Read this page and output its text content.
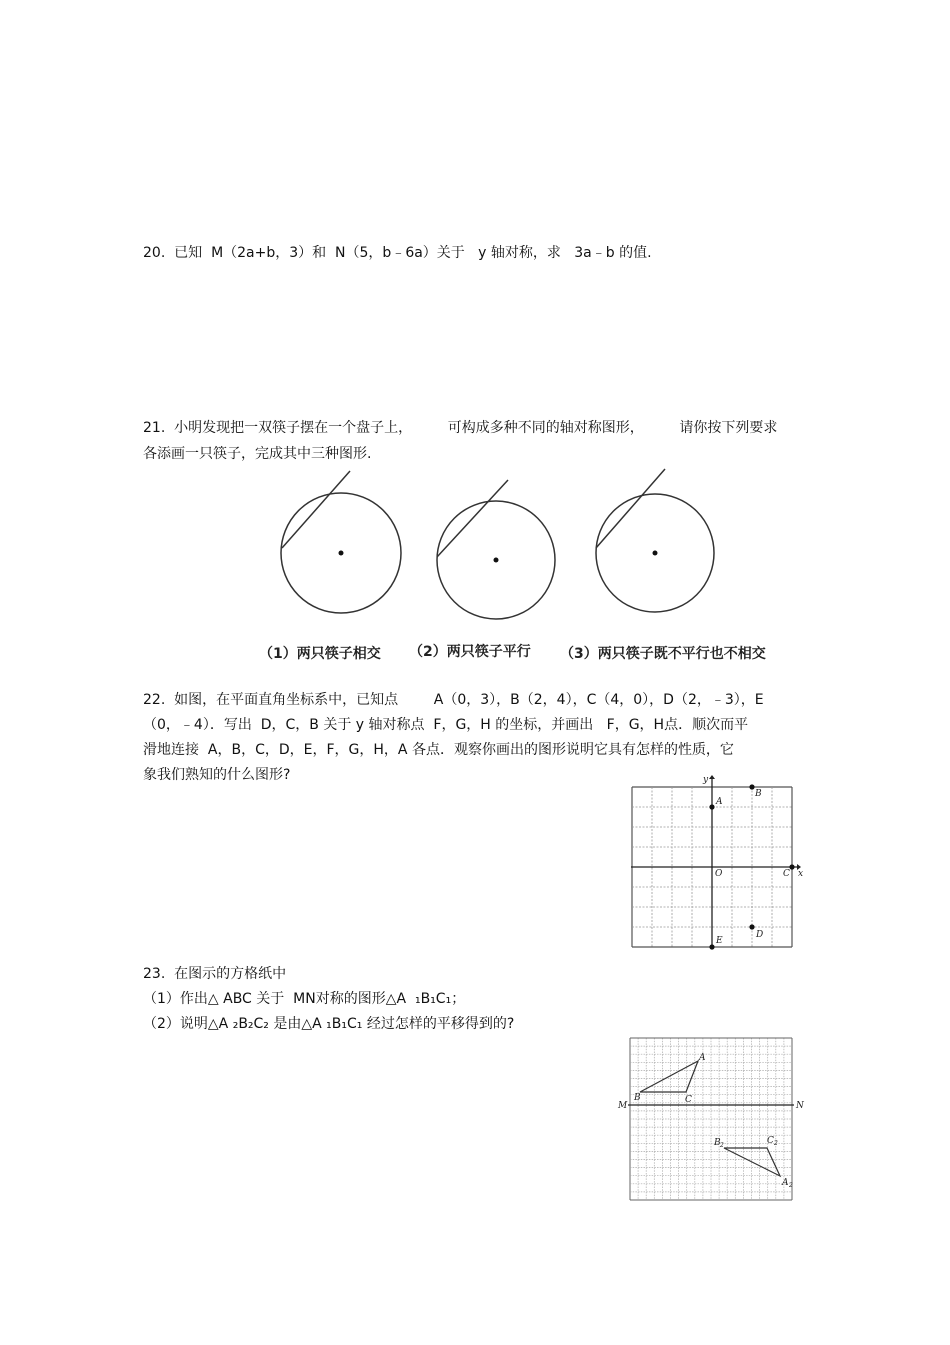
20.  已知  M（2a+b，3）和  N（5，b﹣6a）关于   y 轴对称，求   3a﹣b 的值.
21.  小明发现把一双筷子摆在一个盘子上，        可构成多种不同的轴对称图形，        请你按下列要求
各添画一只筷子，完成其中三种图形.
（1）两只筷子相交 （2）两只筷子平行 （3）两只筷子既不平行也不相交
22.  如图，在平面直角坐标系中，已知点        A（0，3），B（2，4），C（4，0），D（2，﹣3），E
（0，﹣4）．写出  D，C，B 关于 y 轴对称点  F，G，H 的坐标，并画出   F，G，H点．顺次而平
滑地连接  A，B，C，D，E，F，G，H，A 各点．观察你画出的图形说明它具有怎样的性质，它
象我们熟知的什么图形?	y
x
O
A
B
C
D
E
23.  在图示的方格纸中
（1）作出△ ABC 关于  MN对称的图形△A  ₁B₁C₁；
（2）说明△A ₂B₂C₂ 是由△A ₁B₁C₁ 经过怎样的平移得到的?
M	N
A
B	C
B 2	C 2
A 2
